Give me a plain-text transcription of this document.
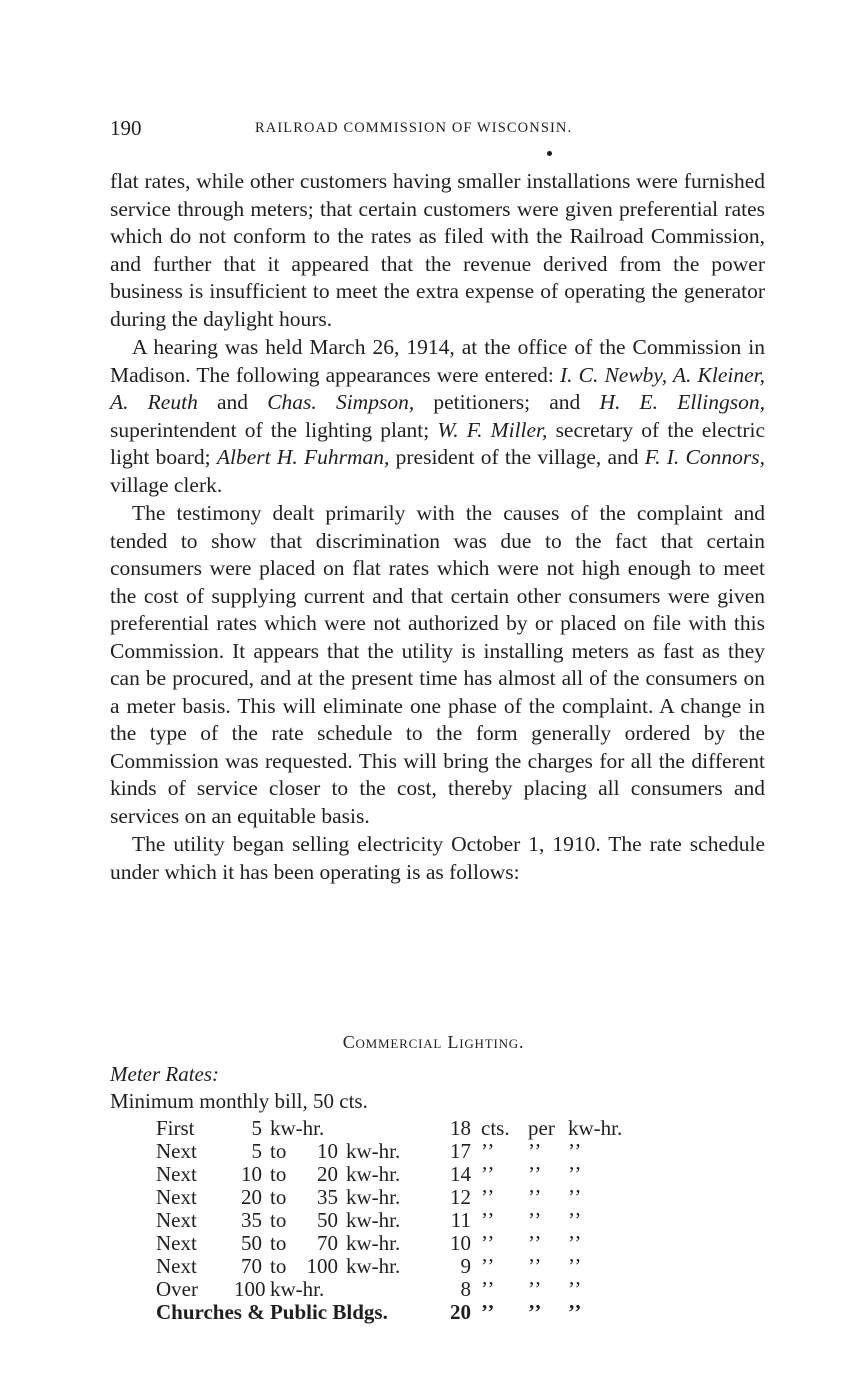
190	RAILROAD COMMISSION OF WISCONSIN.

flat rates, while other customers having smaller installations were furnished service through meters; that certain customers were given preferential rates which do not conform to the rates as filed with the Railroad Commission, and further that it appeared that the revenue derived from the power business is insufficient to meet the extra expense of operating the generator during the daylight hours.

A hearing was held March 26, 1914, at the office of the Commission in Madison. The following appearances were entered: I. C. Newby, A. Kleiner, A. Reuth and Chas. Simpson, petitioners; and H. E. Ellingson, superintendent of the lighting plant; W. F. Miller, secretary of the electric light board; Albert H. Fuhrman, president of the village, and F. I. Connors, village clerk.

The testimony dealt primarily with the causes of the complaint and tended to show that discrimination was due to the fact that certain consumers were placed on flat rates which were not high enough to meet the cost of supplying current and that certain other consumers were given preferential rates which were not authorized by or placed on file with this Commission. It appears that the utility is installing meters as fast as they can be procured, and at the present time has almost all of the consumers on a meter basis. This will eliminate one phase of the complaint. A change in the type of the rate schedule to the form generally ordered by the Commission was requested. This will bring the charges for all the different kinds of service closer to the cost, thereby placing all consumers and services on an equitable basis.

The utility began selling electricity October 1, 1910. The rate schedule under which it has been operating is as follows:

Commercial Lighting.
Meter Rates:
Minimum monthly bill, 50 cts.
First	5 kw-hr.	18 cts. per kw-hr.
Next	5 to	10 kw-hr.	17 ’’ ’’ ’’
Next	10 to	20 kw-hr.	14 ’’ ’’ ’’
Next	20 to	35 kw-hr.	12 ’’ ’’ ’’
Next	35 to	50 kw-hr.	11 ’’ ’’ ’’
Next	50 to	70 kw-hr.	10 ’’ ’’ ’’
Next	70 to 100 kw-hr.	9 ’’ ’’ ’’
Over 100 kw-hr.	8 ’’ ’’ ’’
Churches & Public Bldgs.	20 ’’ ’’ ’’
